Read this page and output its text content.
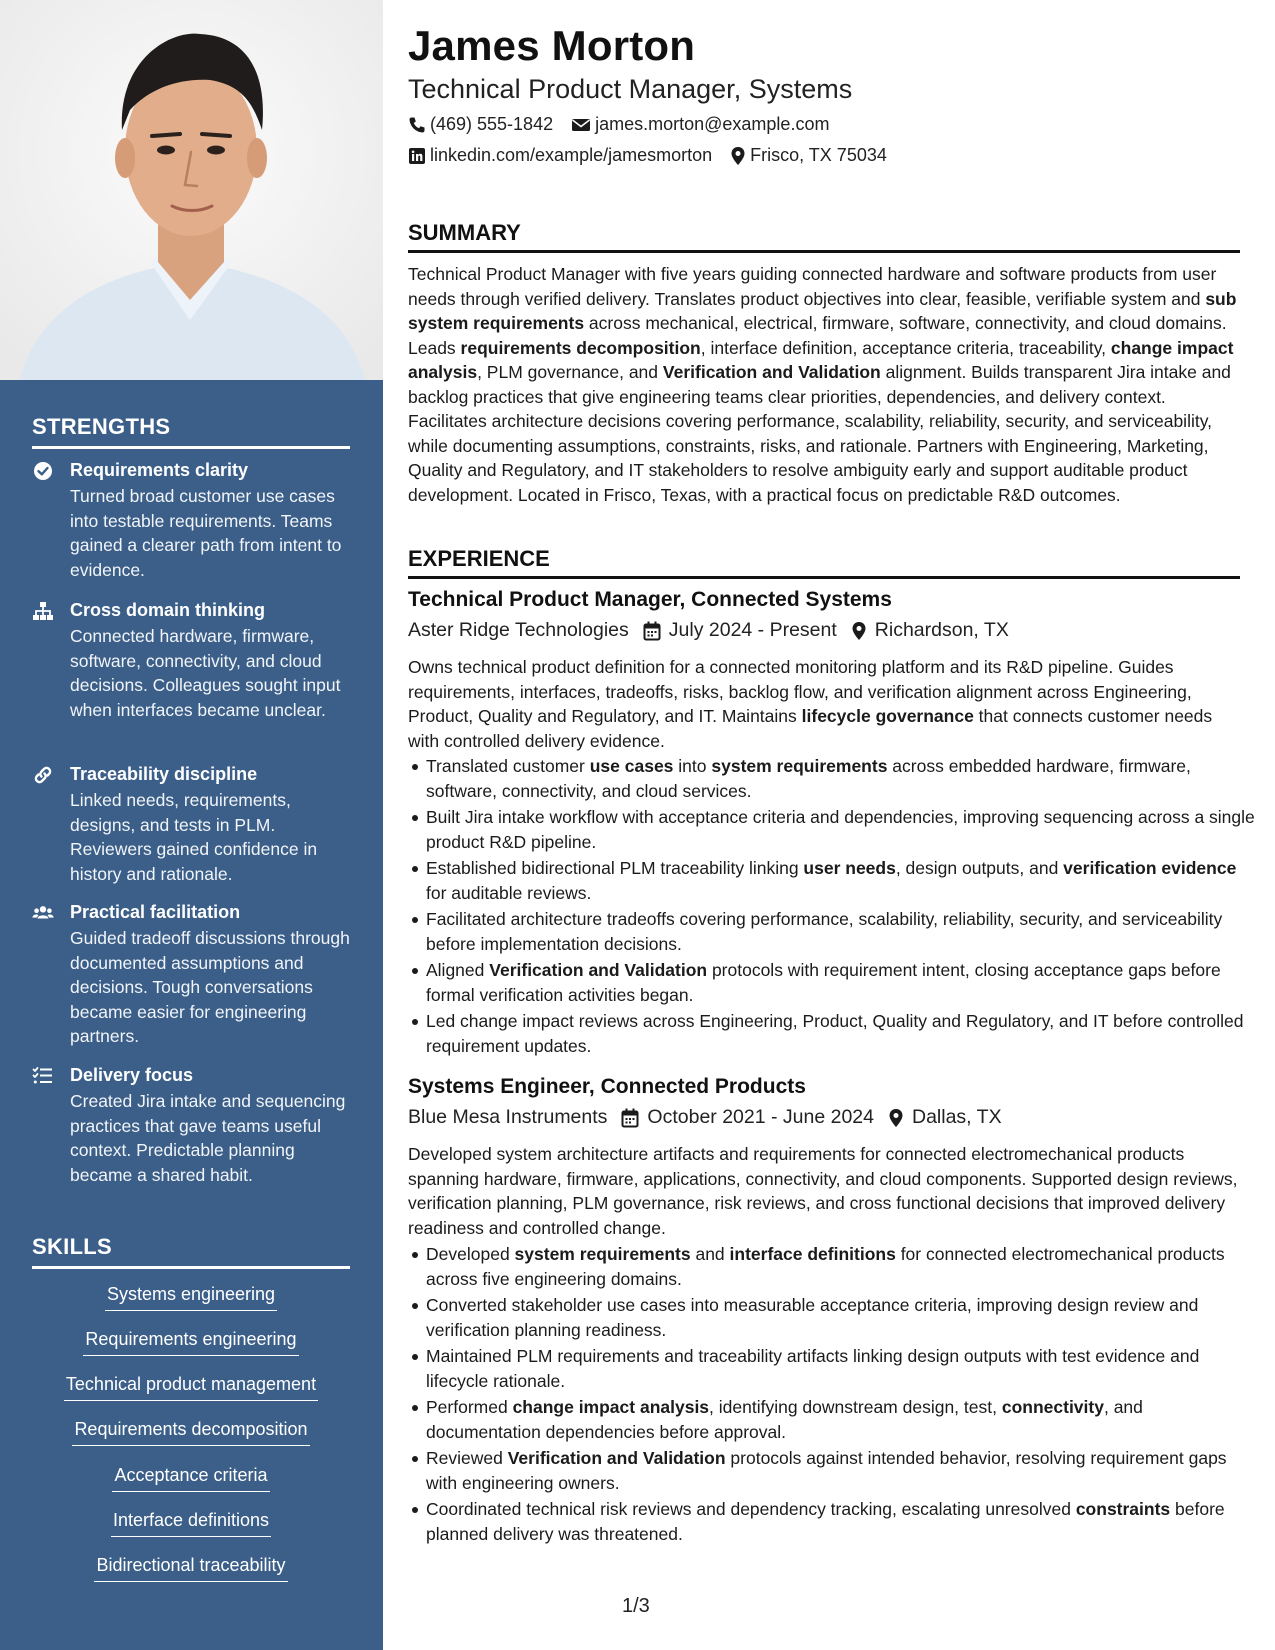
STRENGTHS
Requirements clarity
Turned broad customer use cases into testable requirements. Teams gained a clearer path from intent to evidence.
Cross domain thinking
Connected hardware, firmware, software, connectivity, and cloud decisions. Colleagues sought input when interfaces became unclear.
Traceability discipline
Linked needs, requirements, designs, and tests in PLM. Reviewers gained confidence in history and rationale.
Practical facilitation
Guided tradeoff discussions through documented assumptions and decisions. Tough conversations became easier for engineering partners.
Delivery focus
Created Jira intake and sequencing practices that gave teams useful context. Predictable planning became a shared habit.
SKILLS
Systems engineering
Requirements engineering
Technical product management
Requirements decomposition
Acceptance criteria
Interface definitions
Bidirectional traceability
James Morton
Technical Product Manager, Systems
(469) 555-1842 james.morton@example.com
linkedin.com/example/jamesmorton Frisco, TX 75034
SUMMARY
Technical Product Manager with five years guiding connected hardware and software products from user needs through verified delivery. Translates product objectives into clear, feasible, verifiable system and sub system requirements across mechanical, electrical, firmware, software, connectivity, and cloud domains. Leads requirements decomposition, interface definition, acceptance criteria, traceability, change impact analysis, PLM governance, and Verification and Validation alignment. Builds transparent Jira intake and backlog practices that give engineering teams clear priorities, dependencies, and delivery context. Facilitates architecture decisions covering performance, scalability, reliability, security, and serviceability, while documenting assumptions, constraints, risks, and rationale. Partners with Engineering, Marketing, Quality and Regulatory, and IT stakeholders to resolve ambiguity early and support auditable product development. Located in Frisco, Texas, with a practical focus on predictable R&D outcomes.
EXPERIENCE
Technical Product Manager, Connected Systems
Aster Ridge Technologies July 2024 - Present Richardson, TX
Owns technical product definition for a connected monitoring platform and its R&D pipeline. Guides requirements, interfaces, tradeoffs, risks, backlog flow, and verification alignment across Engineering, Product, Quality and Regulatory, and IT. Maintains lifecycle governance that connects customer needs with controlled delivery evidence.
Translated customer use cases into system requirements across embedded hardware, firmware, software, connectivity, and cloud services.
Built Jira intake workflow with acceptance criteria and dependencies, improving sequencing across a single product R&D pipeline.
Established bidirectional PLM traceability linking user needs, design outputs, and verification evidence for auditable reviews.
Facilitated architecture tradeoffs covering performance, scalability, reliability, security, and serviceability before implementation decisions.
Aligned Verification and Validation protocols with requirement intent, closing acceptance gaps before formal verification activities began.
Led change impact reviews across Engineering, Product, Quality and Regulatory, and IT before controlled requirement updates.
Systems Engineer, Connected Products
Blue Mesa Instruments October 2021 - June 2024 Dallas, TX
Developed system architecture artifacts and requirements for connected electromechanical products spanning hardware, firmware, applications, connectivity, and cloud components. Supported design reviews, verification planning, PLM governance, risk reviews, and cross functional decisions that improved delivery readiness and controlled change.
Developed system requirements and interface definitions for connected electromechanical products across five engineering domains.
Converted stakeholder use cases into measurable acceptance criteria, improving design review and verification planning readiness.
Maintained PLM requirements and traceability artifacts linking design outputs with test evidence and lifecycle rationale.
Performed change impact analysis, identifying downstream design, test, connectivity, and documentation dependencies before approval.
Reviewed Verification and Validation protocols against intended behavior, resolving requirement gaps with engineering owners.
Coordinated technical risk reviews and dependency tracking, escalating unresolved constraints before planned delivery was threatened.
1/3
